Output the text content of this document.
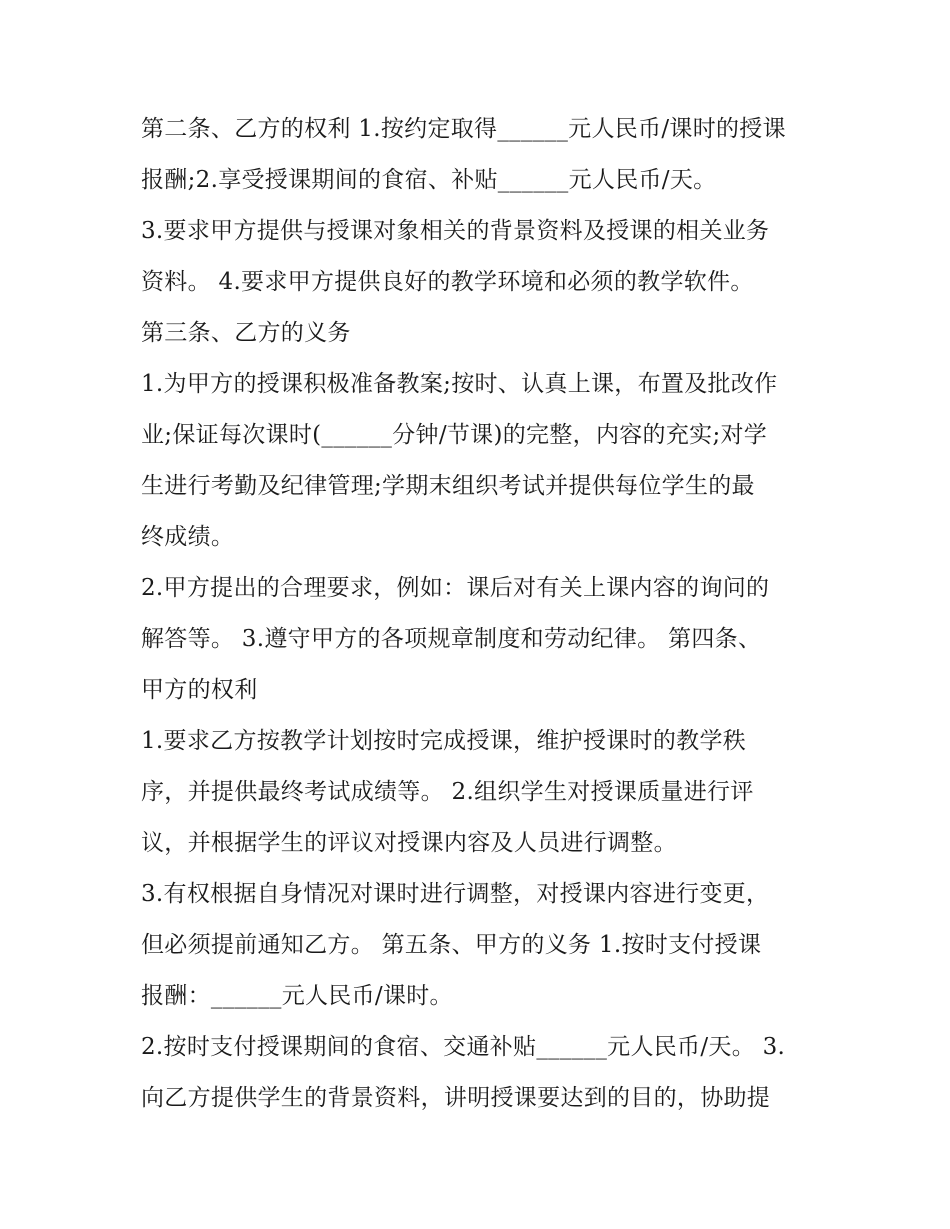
第二条、乙方的权利 1.按约定取得______元人民币/课时的授课
报酬;2.享受授课期间的食宿、补贴______元人民币/天。
3.要求甲方提供与授课对象相关的背景资料及授课的相关业务
资料。 4.要求甲方提供良好的教学环境和必须的教学软件。
第三条、乙方的义务
1.为甲方的授课积极准备教案;按时、认真上课，布置及批改作
业;保证每次课时(______分钟/节课)的完整，内容的充实;对学
生进行考勤及纪律管理;学期末组织考试并提供每位学生的最
终成绩。
2.甲方提出的合理要求，例如：课后对有关上课内容的询问的
解答等。 3.遵守甲方的各项规章制度和劳动纪律。 第四条、
甲方的权利
1.要求乙方按教学计划按时完成授课，维护授课时的教学秩
序，并提供最终考试成绩等。 2.组织学生对授课质量进行评
议，并根据学生的评议对授课内容及人员进行调整。
3.有权根据自身情况对课时进行调整，对授课内容进行变更，
但必须提前通知乙方。 第五条、甲方的义务 1.按时支付授课
报酬：______元人民币/课时。
2.按时支付授课期间的食宿、交通补贴______元人民币/天。 3.
向乙方提供学生的背景资料，讲明授课要达到的目的，协助提
